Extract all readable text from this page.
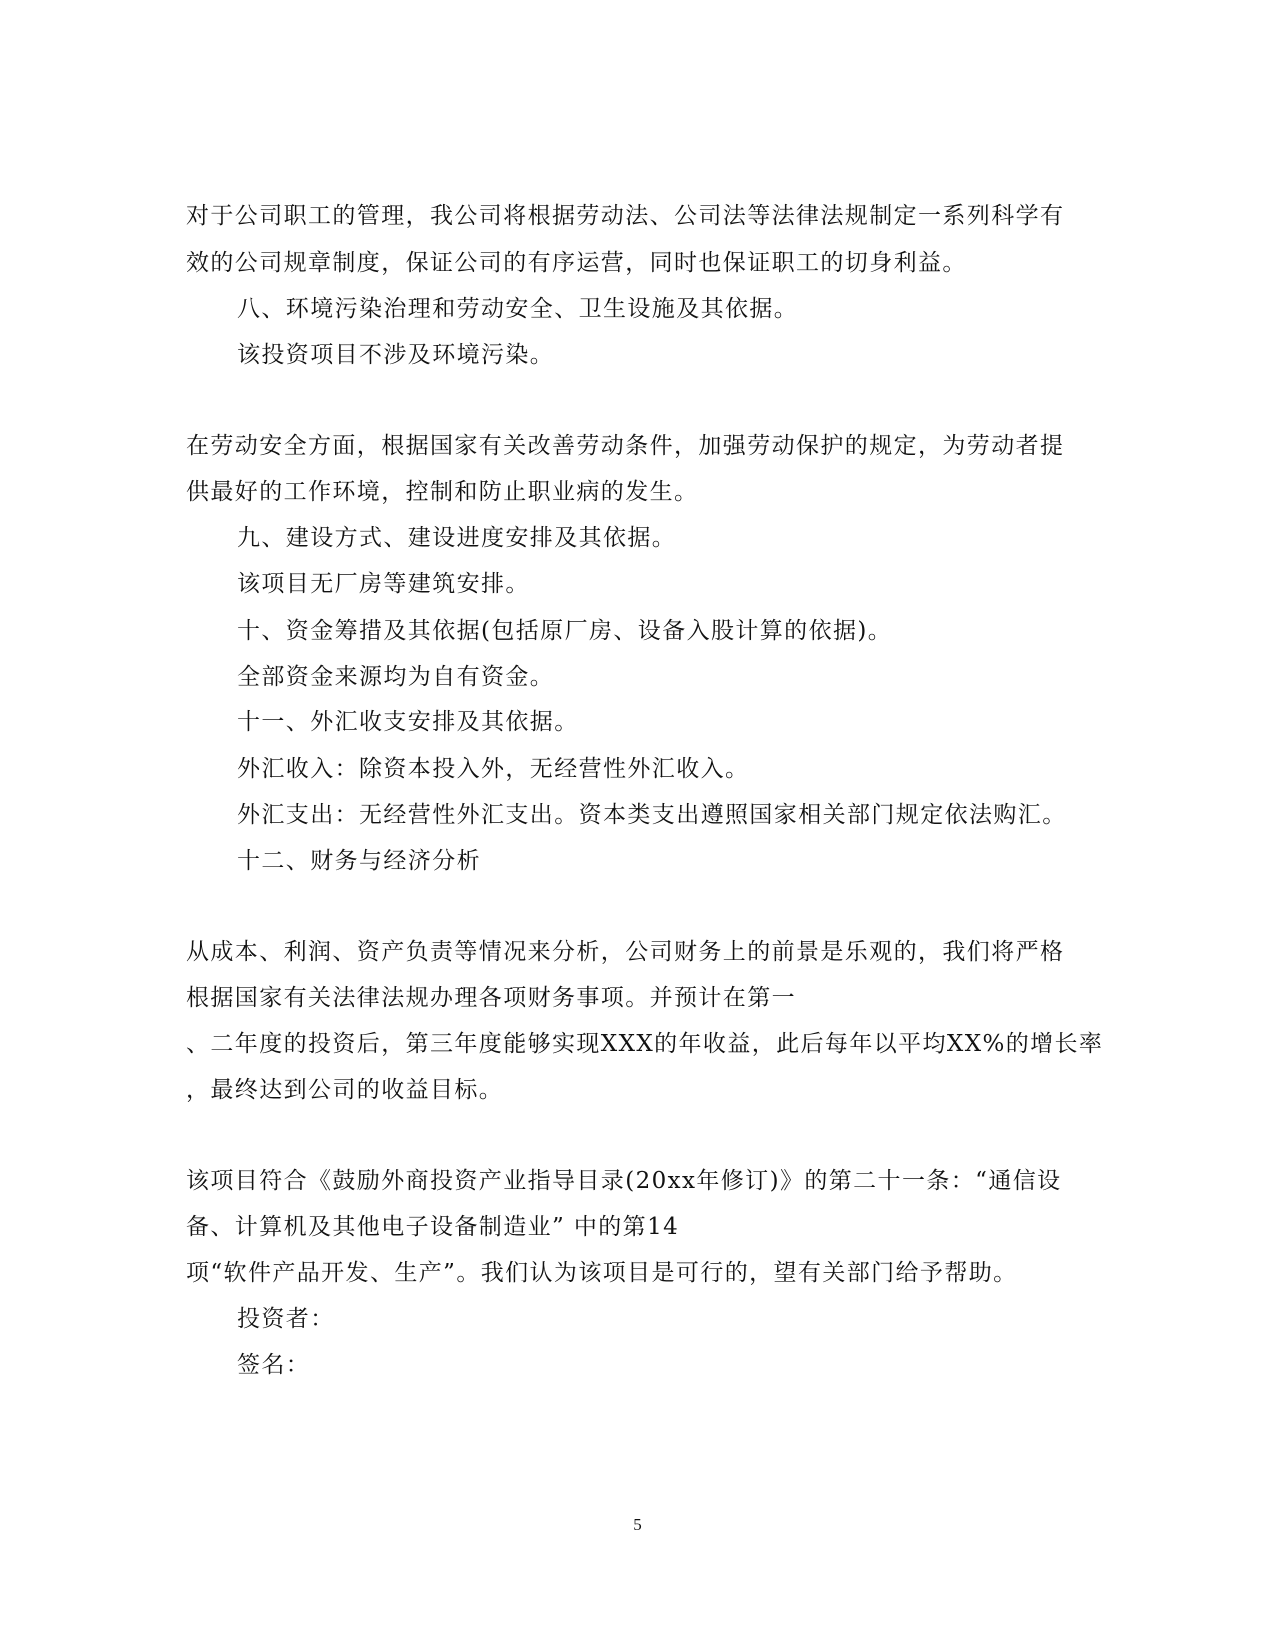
对于公司职工的管理，我公司将根据劳动法、公司法等法律法规制定一系列科学有
效的公司规章制度，保证公司的有序运营，同时也保证职工的切身利益。
八、环境污染治理和劳动安全、卫生设施及其依据。
该投资项目不涉及环境污染。
在劳动安全方面，根据国家有关改善劳动条件，加强劳动保护的规定，为劳动者提
供最好的工作环境，控制和防止职业病的发生。
九、建设方式、建设进度安排及其依据。
该项目无厂房等建筑安排。
十、资金筹措及其依据(包括原厂房、设备入股计算的依据)。
全部资金来源均为自有资金。
十一、外汇收支安排及其依据。
外汇收入：除资本投入外，无经营性外汇收入。
外汇支出：无经营性外汇支出。资本类支出遵照国家相关部门规定依法购汇。
十二、财务与经济分析
从成本、利润、资产负责等情况来分析，公司财务上的前景是乐观的，我们将严格
根据国家有关法律法规办理各项财务事项。并预计在第一
、二年度的投资后，第三年度能够实现XXX的年收益，此后每年以平均XX%的增长率
，最终达到公司的收益目标。
该项目符合《鼓励外商投资产业指导目录(20xx年修订)》的第二十一条：“通信设
备、计算机及其他电子设备制造业” 中的第14
项“软件产品开发、生产”。我们认为该项目是可行的，望有关部门给予帮助。
投资者：
签名：
5
